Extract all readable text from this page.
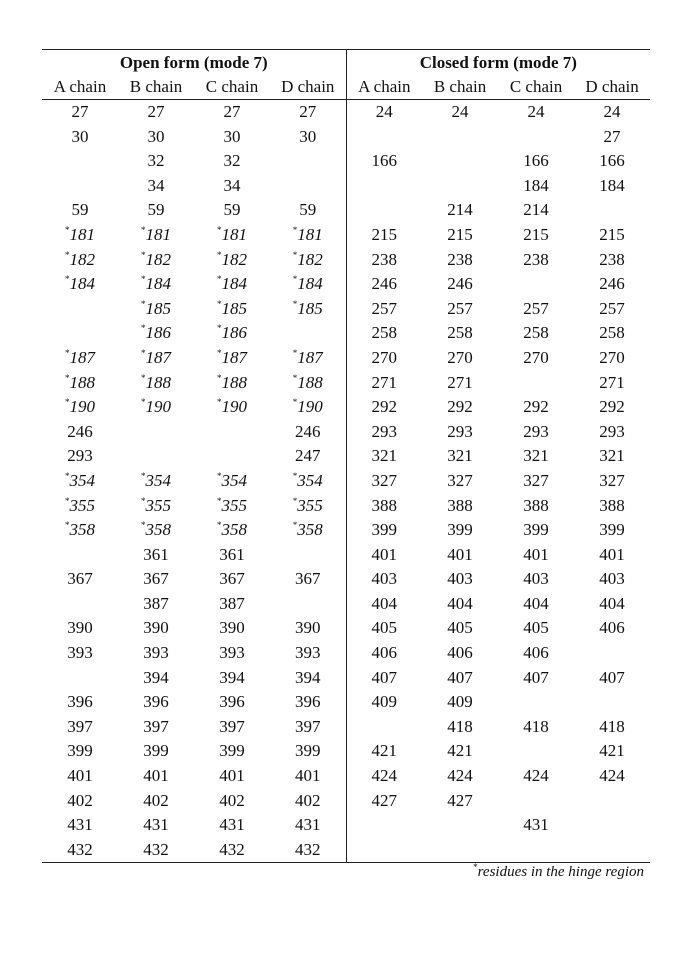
Open form (mode 7)				Closed form (mode 7)			
A chain	B chain	C chain	D chain	A chain	B chain	C chain	D chain
27	27	27	27	24	24	24	24
30	30	30	30				27
	32	32		166		166	166
	34	34				184	184
59	59	59	59		214	214	
*181	*181	*181	*181	215	215	215	215
*182	*182	*182	*182	238	238	238	238
*184	*184	*184	*184	246	246		246
	*185	*185	*185	257	257	257	257
	*186	*186		258	258	258	258
*187	*187	*187	*187	270	270	270	270
*188	*188	*188	*188	271	271		271
*190	*190	*190	*190	292	292	292	292
246			246	293	293	293	293
293			247	321	321	321	321
*354	*354	*354	*354	327	327	327	327
*355	*355	*355	*355	388	388	388	388
*358	*358	*358	*358	399	399	399	399
	361	361		401	401	401	401
367	367	367	367	403	403	403	403
	387	387		404	404	404	404
390	390	390	390	405	405	405	406
393	393	393	393	406	406	406	
	394	394	394	407	407	407	407
396	396	396	396	409	409		
397	397	397	397		418	418	418
399	399	399	399	421	421		421
401	401	401	401	424	424	424	424
402	402	402	402	427	427		
431	431	431	431			431	
432	432	432	432				
*residues in the hinge region
